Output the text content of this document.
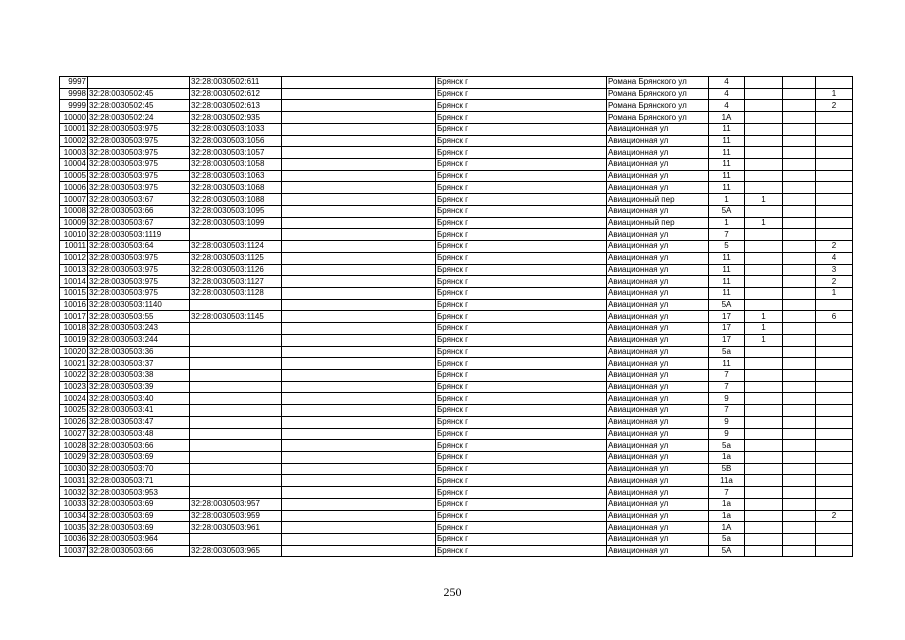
9997		32:28:0030502:611		Брянск г	Романа Брянского ул	4			
9998	32:28:0030502:45	32:28:0030502:612		Брянск г	Романа Брянского ул	4			1
9999	32:28:0030502:45	32:28:0030502:613		Брянск г	Романа Брянского ул	4			2
10000	32:28:0030502:24	32:28:0030502:935		Брянск г	Романа Брянского ул	1А			
10001	32:28:0030503:975	32:28:0030503:1033		Брянск г	Авиационная ул	11			
10002	32:28:0030503:975	32:28:0030503:1056		Брянск г	Авиационная ул	11			
10003	32:28:0030503:975	32:28:0030503:1057		Брянск г	Авиационная ул	11			
10004	32:28:0030503:975	32:28:0030503:1058		Брянск г	Авиационная ул	11			
10005	32:28:0030503:975	32:28:0030503:1063		Брянск г	Авиационная ул	11			
10006	32:28:0030503:975	32:28:0030503:1068		Брянск г	Авиационная ул	11			
10007	32:28:0030503:67	32:28:0030503:1088		Брянск г	Авиационный пер	1	1		
10008	32:28:0030503:66	32:28:0030503:1095		Брянск г	Авиационная ул	5А			
10009	32:28:0030503:67	32:28:0030503:1099		Брянск г	Авиационный пер	1	1		
10010	32:28:0030503:1119			Брянск г	Авиационная ул	7			
10011	32:28:0030503:64	32:28:0030503:1124		Брянск г	Авиационная ул	5			2
10012	32:28:0030503:975	32:28:0030503:1125		Брянск г	Авиационная ул	11			4
10013	32:28:0030503:975	32:28:0030503:1126		Брянск г	Авиационная ул	11			3
10014	32:28:0030503:975	32:28:0030503:1127		Брянск г	Авиационная ул	11			2
10015	32:28:0030503:975	32:28:0030503:1128		Брянск г	Авиационная ул	11			1
10016	32:28:0030503:1140			Брянск г	Авиационная ул	5А			
10017	32:28:0030503:55	32:28:0030503:1145		Брянск г	Авиационная ул	17	1		6
10018	32:28:0030503:243			Брянск г	Авиационная ул	17	1		
10019	32:28:0030503:244			Брянск г	Авиационная ул	17	1		
10020	32:28:0030503:36			Брянск г	Авиационная ул	5а			
10021	32:28:0030503:37			Брянск г	Авиационная ул	11			
10022	32:28:0030503:38			Брянск г	Авиационная ул	7			
10023	32:28:0030503:39			Брянск г	Авиационная ул	7			
10024	32:28:0030503:40			Брянск г	Авиационная ул	9			
10025	32:28:0030503:41			Брянск г	Авиационная ул	7			
10026	32:28:0030503:47			Брянск г	Авиационная ул	9			
10027	32:28:0030503:48			Брянск г	Авиационная ул	9			
10028	32:28:0030503:66			Брянск г	Авиационная ул	5а			
10029	32:28:0030503:69			Брянск г	Авиационная ул	1а			
10030	32:28:0030503:70			Брянск г	Авиационная ул	5В			
10031	32:28:0030503:71			Брянск г	Авиационная ул	11а			
10032	32:28:0030503:953			Брянск г	Авиационная ул	7			
10033	32:28:0030503:69	32:28:0030503:957		Брянск г	Авиационная ул	1а			
10034	32:28:0030503:69	32:28:0030503:959		Брянск г	Авиационная ул	1а			2
10035	32:28:0030503:69	32:28:0030503:961		Брянск г	Авиационная ул	1А			
10036	32:28:0030503:964			Брянск г	Авиационная ул	5а			
10037	32:28:0030503:66	32:28:0030503:965		Брянск г	Авиационная ул	5А			
250
